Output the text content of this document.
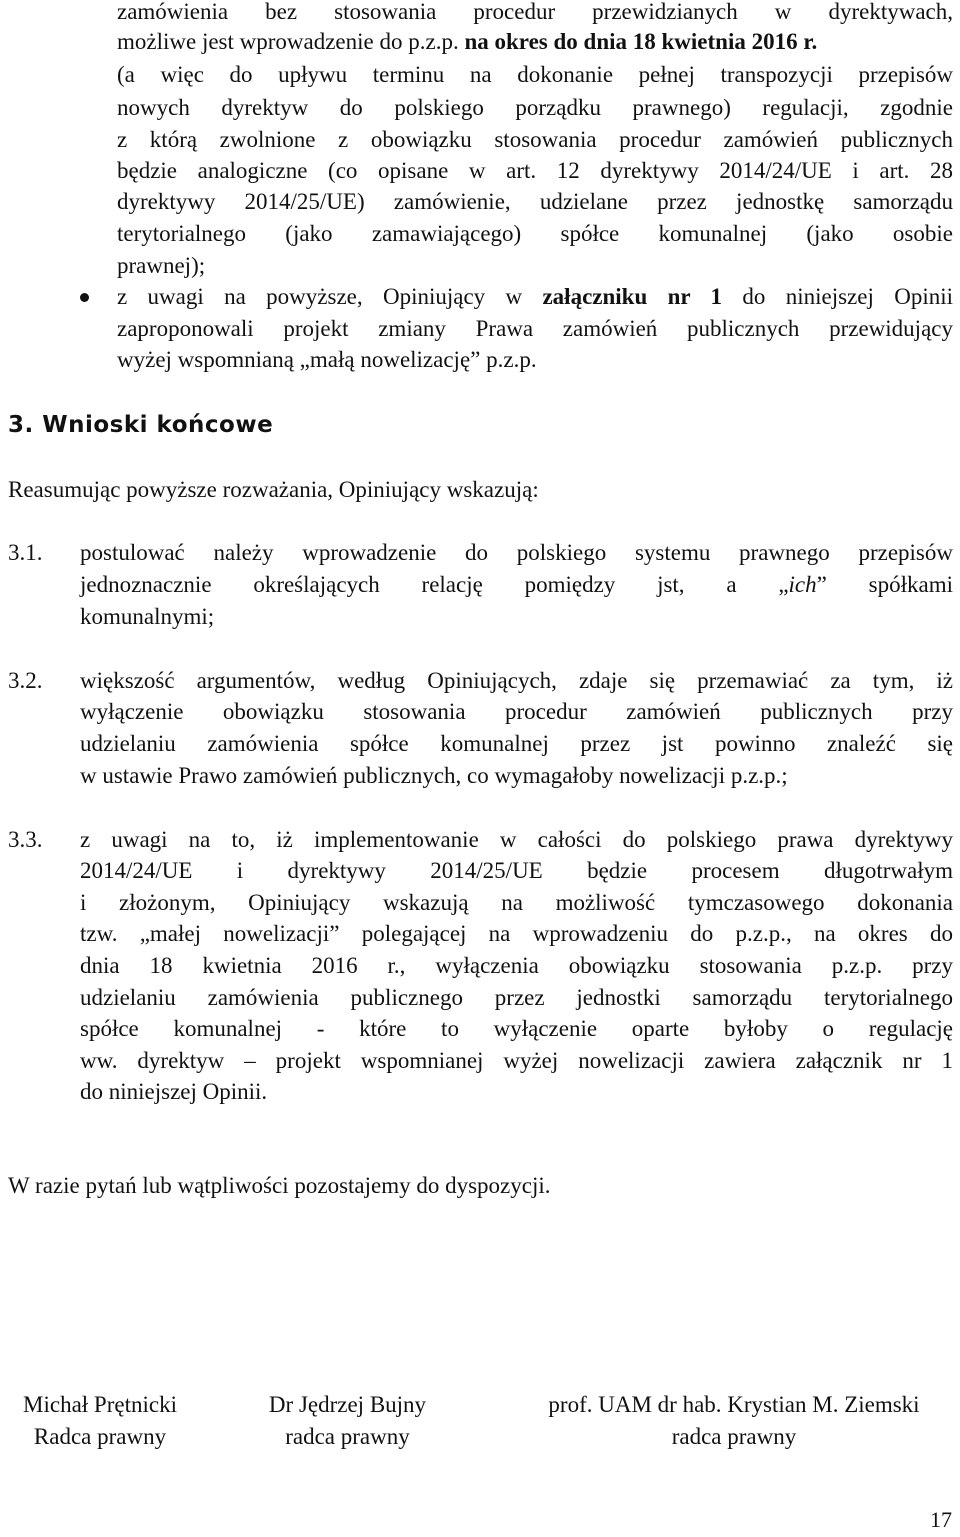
zamówienia bez stosowania procedur przewidzianych w dyrektywach,
możliwe jest wprowadzenie do p.z.p. na okres do dnia 18 kwietnia 2016 r.
(a więc do upływu terminu na dokonanie pełnej transpozycji przepisów
nowych dyrektyw do polskiego porządku prawnego) regulacji, zgodnie
z którą zwolnione z obowiązku stosowania procedur zamówień publicznych
będzie analogiczne (co opisane w art. 12 dyrektywy 2014/24/UE i art. 28
dyrektywy 2014/25/UE) zamówienie, udzielane przez jednostkę samorządu
terytorialnego (jako zamawiającego) spółce komunalnej (jako osobie
prawnej);
z uwagi na powyższe, Opiniujący w załączniku nr 1 do niniejszej Opinii
zaproponowali projekt zmiany Prawa zamówień publicznych przewidujący
wyżej wspomnianą „małą nowelizację” p.z.p.
3. Wnioski końcowe
Reasumując powyższe rozważania, Opiniujący wskazują:
3.1. postulować należy wprowadzenie do polskiego systemu prawnego przepisów
jednoznacznie określających relację pomiędzy jst, a „ich” spółkami
komunalnymi;
3.2. większość argumentów, według Opiniujących, zdaje się przemawiać za tym, iż
wyłączenie obowiązku stosowania procedur zamówień publicznych przy
udzielaniu zamówienia spółce komunalnej przez jst powinno znaleźć się
w ustawie Prawo zamówień publicznych, co wymagałoby nowelizacji p.z.p.;
3.3. z uwagi na to, iż implementowanie w całości do polskiego prawa dyrektywy
2014/24/UE i dyrektywy 2014/25/UE będzie procesem długotrwałym
i złożonym, Opiniujący wskazują na możliwość tymczasowego dokonania
tzw. „małej nowelizacji” polegającej na wprowadzeniu do p.z.p., na okres do
dnia 18 kwietnia 2016 r., wyłączenia obowiązku stosowania p.z.p. przy
udzielaniu zamówienia publicznego przez jednostki samorządu terytorialnego
spółce komunalnej - które to wyłączenie oparte byłoby o regulację
ww. dyrektyw – projekt wspomnianej wyżej nowelizacji zawiera załącznik nr 1
do niniejszej Opinii.
W razie pytań lub wątpliwości pozostajemy do dyspozycji.
Michał Prętnicki
Radca prawny
Dr Jędrzej Bujny
radca prawny
prof. UAM dr hab. Krystian M. Ziemski
radca prawny
17
